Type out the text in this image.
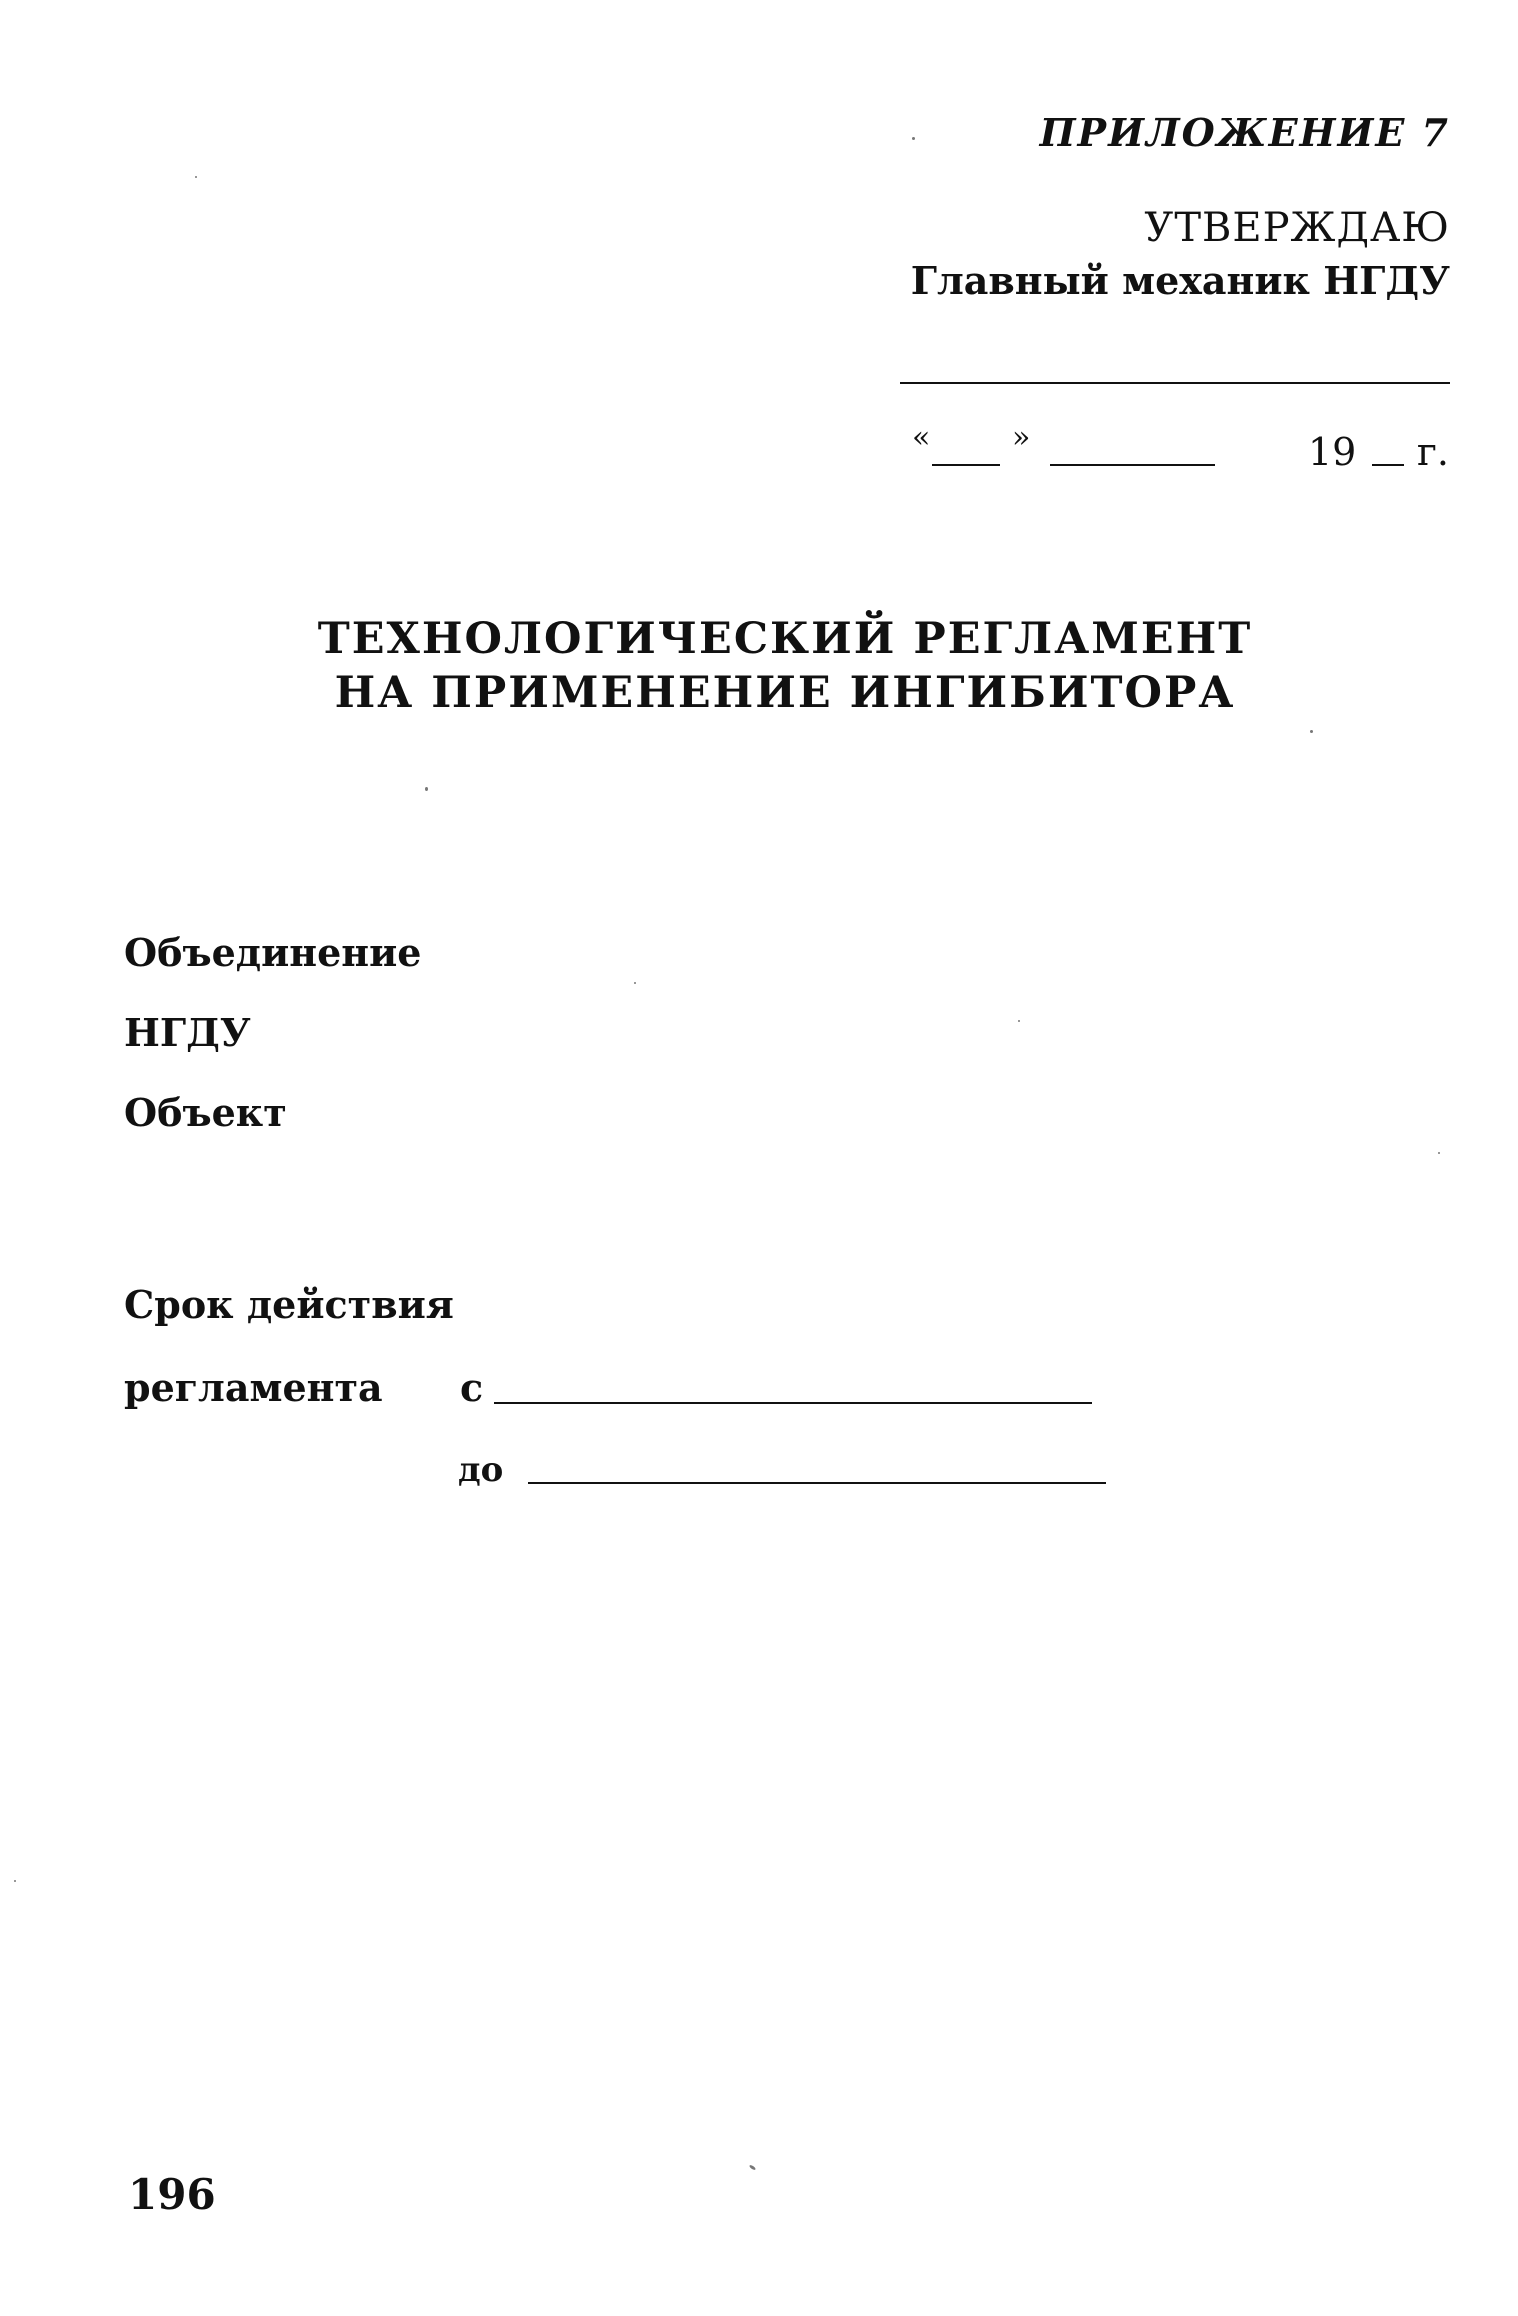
ПРИЛОЖЕНИЕ 7
УТВЕРЖДАЮ
Главный механик НГДУ
«	»	19 г.
ТЕХНОЛОГИЧЕСКИЙ РЕГЛАМЕНТ
НА ПРИМЕНЕНИЕ ИНГИБИТОРА
Объединение
НГДУ
Объект
Срок действия
регламента с
до
196
